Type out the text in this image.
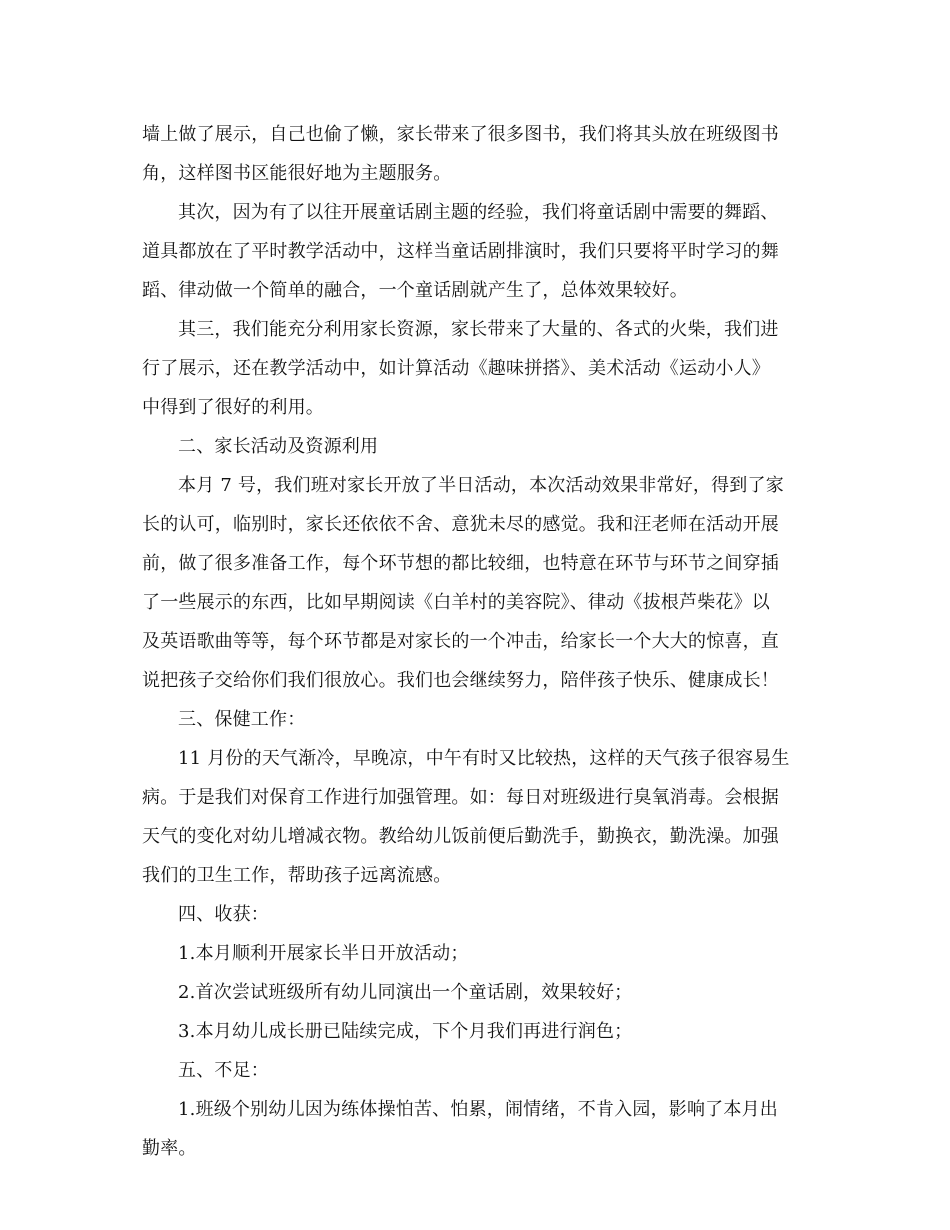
墙上做了展示，自己也偷了懒，家长带来了很多图书，我们将其头放在班级图书
角，这样图书区能很好地为主题服务。
其次，因为有了以往开展童话剧主题的经验，我们将童话剧中需要的舞蹈、
道具都放在了平时教学活动中，这样当童话剧排演时，我们只要将平时学习的舞
蹈、律动做一个简单的融合，一个童话剧就产生了，总体效果较好。
其三，我们能充分利用家长资源，家长带来了大量的、各式的火柴，我们进
行了展示，还在教学活动中，如计算活动《趣味拼搭》、美术活动《运动小人》
中得到了很好的利用。
二、家长活动及资源利用
本月 7 号，我们班对家长开放了半日活动，本次活动效果非常好，得到了家
长的认可，临别时，家长还依依不舍、意犹未尽的感觉。我和汪老师在活动开展
前，做了很多准备工作，每个环节想的都比较细，也特意在环节与环节之间穿插
了一些展示的东西，比如早期阅读《白羊村的美容院》、律动《拔根芦柴花》以
及英语歌曲等等，每个环节都是对家长的一个冲击，给家长一个大大的惊喜，直
说把孩子交给你们我们很放心。我们也会继续努力，陪伴孩子快乐、健康成长！
三、保健工作：
11 月份的天气渐冷，早晚凉，中午有时又比较热，这样的天气孩子很容易生
病。于是我们对保育工作进行加强管理。如：每日对班级进行臭氧消毒。会根据
天气的变化对幼儿增减衣物。教给幼儿饭前便后勤洗手，勤换衣，勤洗澡。加强
我们的卫生工作，帮助孩子远离流感。
四、收获：
1.本月顺利开展家长半日开放活动；
2.首次尝试班级所有幼儿同演出一个童话剧，效果较好；
3.本月幼儿成长册已陆续完成，下个月我们再进行润色；
五、不足：
1.班级个别幼儿因为练体操怕苦、怕累，闹情绪，不肯入园，影响了本月出
勤率。
